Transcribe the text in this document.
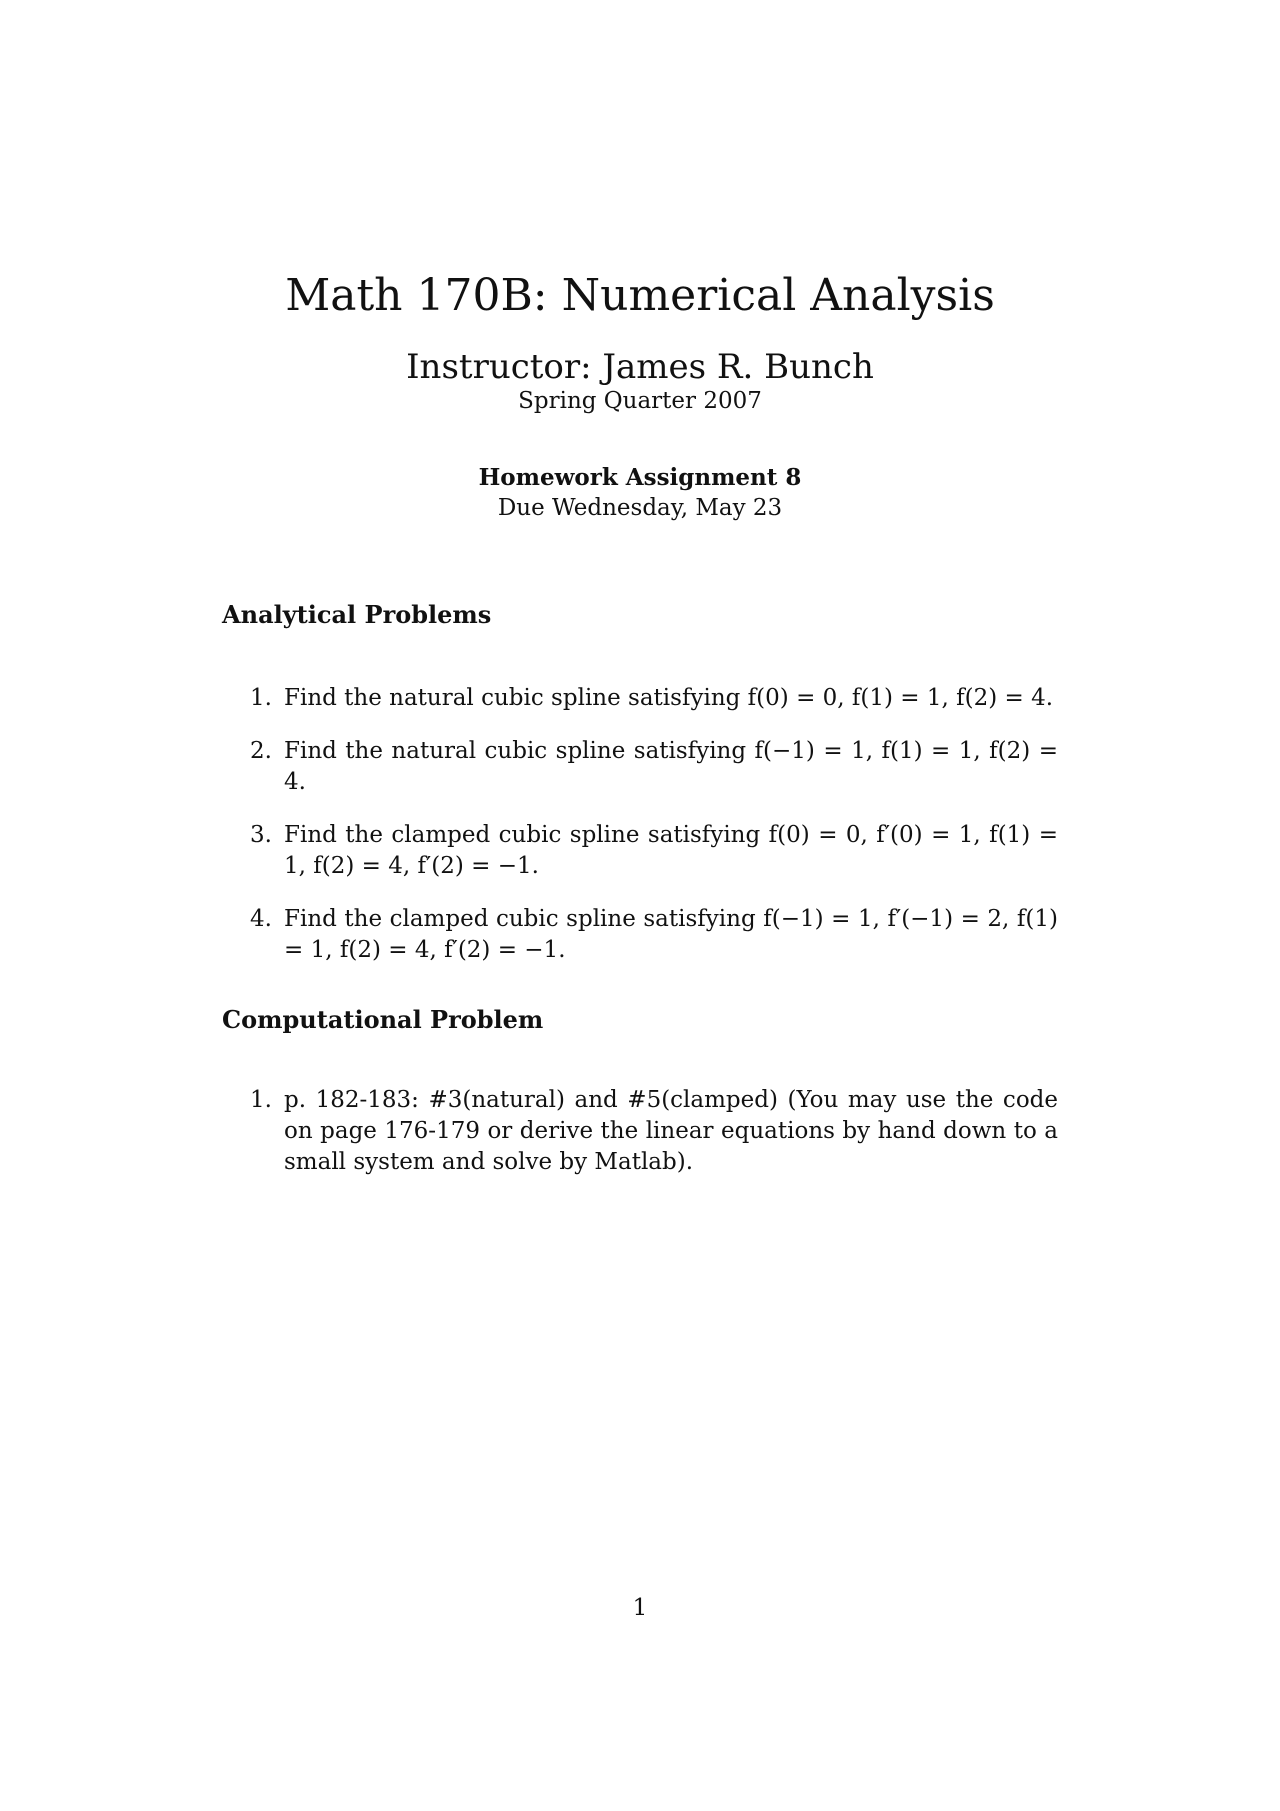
Math 170B: Numerical Analysis
Instructor: James R. Bunch
Spring Quarter 2007
Homework Assignment 8
Due Wednesday, May 23
Analytical Problems
1. Find the natural cubic spline satisfying f(0) = 0, f(1) = 1, f(2) = 4.
2. Find the natural cubic spline satisfying f(−1) = 1, f(1) = 1, f(2) = 4.
3. Find the clamped cubic spline satisfying f(0) = 0, f′(0) = 1, f(1) = 1, f(2) = 4, f′(2) = −1.
4. Find the clamped cubic spline satisfying f(−1) = 1, f′(−1) = 2, f(1) = 1, f(2) = 4, f′(2) = −1.
Computational Problem
1. p. 182-183: #3(natural) and #5(clamped) (You may use the code on page 176-179 or derive the linear equations by hand down to a small system and solve by Matlab).
1
